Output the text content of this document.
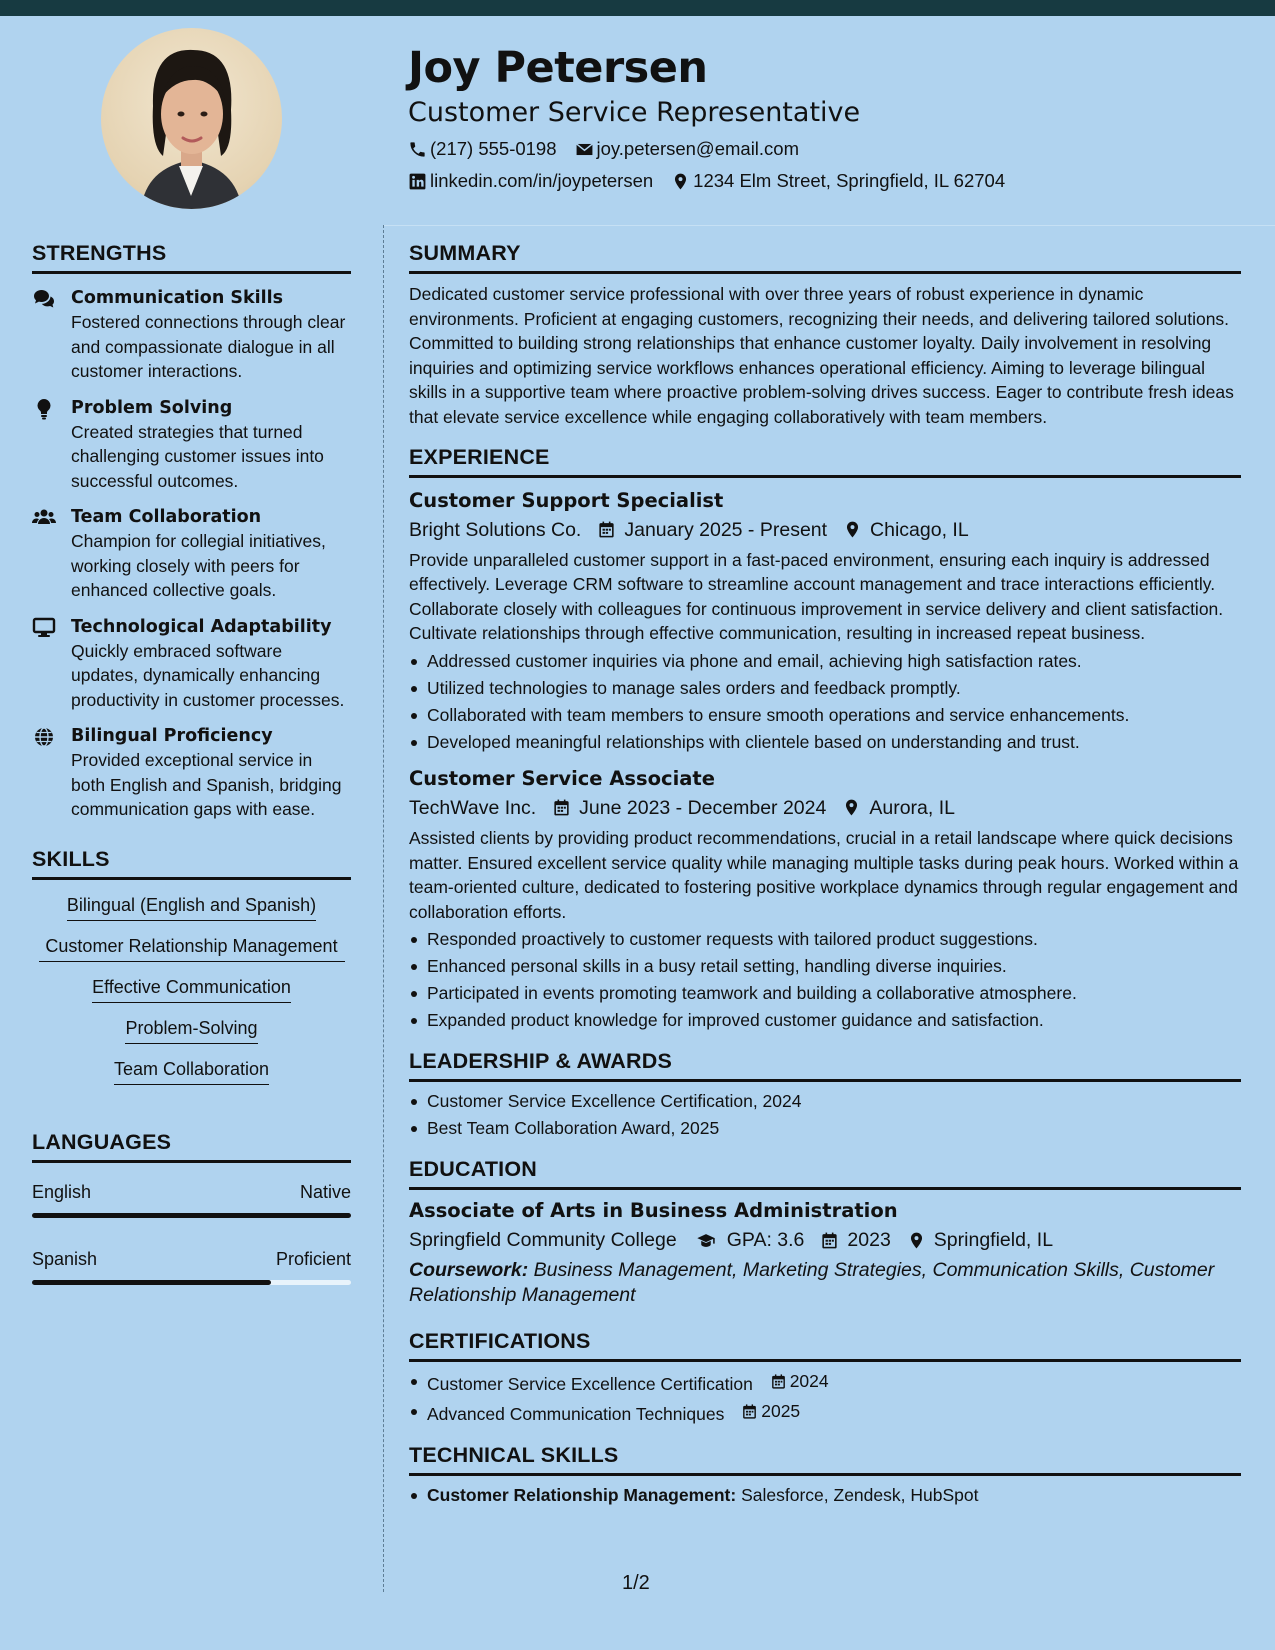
Joy Petersen
Customer Service Representative
(217) 555-0198 joy.petersen@email.com
linkedin.com/in/joypetersen 1234 Elm Street, Springfield, IL 62704
STRENGTHS
Communication Skills
Fostered connections through clear and compassionate dialogue in all customer interactions.
Problem Solving
Created strategies that turned challenging customer issues into successful outcomes.
Team Collaboration
Champion for collegial initiatives, working closely with peers for enhanced collective goals.
Technological Adaptability
Quickly embraced software updates, dynamically enhancing productivity in customer processes.
Bilingual Proficiency
Provided exceptional service in both English and Spanish, bridging communication gaps with ease.
SKILLS
Bilingual (English and Spanish)
Customer Relationship Management
Effective Communication
Problem-Solving
Team Collaboration
LANGUAGES
English	Native
Spanish	Proficient
SUMMARY
Dedicated customer service professional with over three years of robust experience in dynamic environments. Proficient at engaging customers, recognizing their needs, and delivering tailored solutions. Committed to building strong relationships that enhance customer loyalty. Daily involvement in resolving inquiries and optimizing service workflows enhances operational efficiency. Aiming to leverage bilingual skills in a supportive team where proactive problem-solving drives success. Eager to contribute fresh ideas that elevate service excellence while engaging collaboratively with team members.
EXPERIENCE
Customer Support Specialist
Bright Solutions Co. January 2025 - Present Chicago, IL
Provide unparalleled customer support in a fast-paced environment, ensuring each inquiry is addressed effectively. Leverage CRM software to streamline account management and trace interactions efficiently. Collaborate closely with colleagues for continuous improvement in service delivery and client satisfaction. Cultivate relationships through effective communication, resulting in increased repeat business.
Addressed customer inquiries via phone and email, achieving high satisfaction rates.
Utilized technologies to manage sales orders and feedback promptly.
Collaborated with team members to ensure smooth operations and service enhancements.
Developed meaningful relationships with clientele based on understanding and trust.
Customer Service Associate
TechWave Inc. June 2023 - December 2024 Aurora, IL
Assisted clients by providing product recommendations, crucial in a retail landscape where quick decisions matter. Ensured excellent service quality while managing multiple tasks during peak hours. Worked within a team-oriented culture, dedicated to fostering positive workplace dynamics through regular engagement and collaboration efforts.
Responded proactively to customer requests with tailored product suggestions.
Enhanced personal skills in a busy retail setting, handling diverse inquiries.
Participated in events promoting teamwork and building a collaborative atmosphere.
Expanded product knowledge for improved customer guidance and satisfaction.
LEADERSHIP & AWARDS
Customer Service Excellence Certification, 2024
Best Team Collaboration Award, 2025
EDUCATION
Associate of Arts in Business Administration
Springfield Community College	GPA: 3.6 2023 Springfield, IL
Coursework: Business Management, Marketing Strategies, Communication Skills, Customer Relationship Management
CERTIFICATIONS
Customer Service Excellence Certification 2024
Advanced Communication Techniques 2025
TECHNICAL SKILLS
Customer Relationship Management: Salesforce, Zendesk, HubSpot
1/2
